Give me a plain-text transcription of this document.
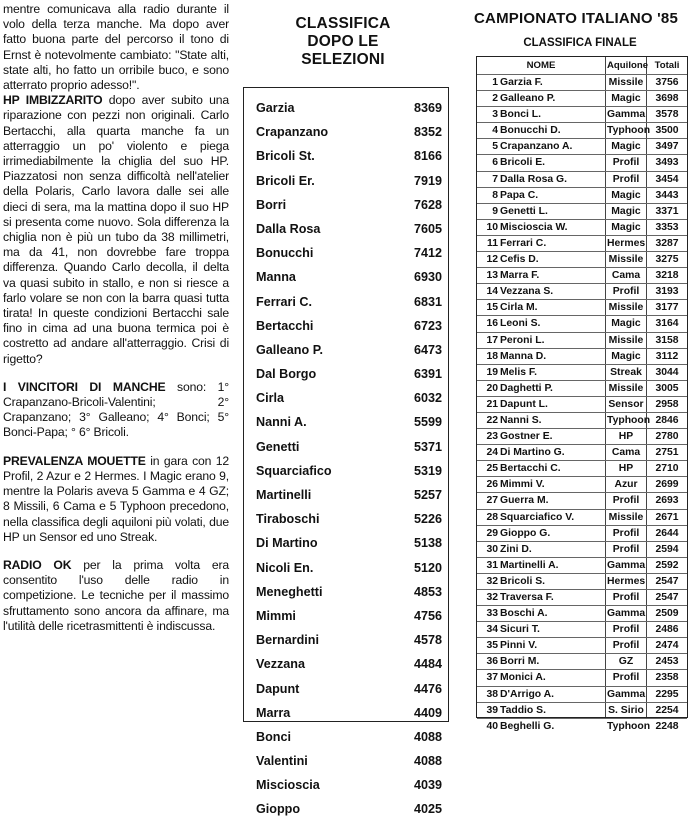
mentre comunicava alla radio durante il volo della terza manche. Ma dopo aver fatto buona parte del percorso il tono di Ernst è notevolmente cambiato: "State alti, state alti, ho fatto un orribile buco, e sono atterrato proprio adesso!".

HP IMBIZZARITO dopo aver subito una riparazione con pezzi non originali. Carlo Bertacchi, alla quarta manche fa un atterraggio un po' violento e piega irrimediabilmente la chiglia del suo HP. Piazzatosi non senza difficoltà nell'atelier della Polaris, Carlo lavora dalle sei alle dieci di sera, ma la mattina dopo il suo HP si presenta come nuovo. Sola differenza la chiglia non è più un tubo da 38 millimetri, ma da 41, non dovrebbe fare troppa differenza. Quando Carlo decolla, il delta va quasi subito in stallo, e non si riesce a farlo volare se non con la barra quasi tutta tirata! In queste condizioni Bertacchi sale fino in cima ad una buona termica poi è costretto ad andare all'atterraggio. Crisi di rigetto?

I VINCITORI DI MANCHE sono: 1° Crapanzano-Bricoli-Valentini; 2° Crapanzano; 3° Galleano; 4° Bonci; 5° Bonci-Papa; ° 6° Bricoli.

PREVALENZA MOUETTE in gara con 12 Profil, 2 Azur e 2 Hermes. I Magic erano 9, mentre la Polaris aveva 5 Gamma e 4 GZ; 8 Missili, 6 Cama e 5 Typhoon precedono, nella classifica degli aquiloni più volati, due HP un Sensor ed uno Streak.

RADIO OK per la prima volta era consentito l'uso delle radio in competizione. Le tecniche per il massimo sfruttamento sono ancora da affinare, ma l'utilità delle ricetrasmittenti è indiscussa.

CLASSIFICA
DOPO LE
SELEZIONI
Garzia	8369
Crapanzano	8352
Bricoli St.	8166
Bricoli Er.	7919
Borri	7628
Dalla Rosa	7605
Bonucchi	7412
Manna	6930
Ferrari C.	6831
Bertacchi	6723
Galleano P.	6473
Dal Borgo	6391
Cirla	6032
Nanni A.	5599
Genetti	5371
Squarciafico	5319
Martinelli	5257
Tiraboschi	5226
Di Martino	5138
Nicoli En.	5120
Meneghetti	4853
Mimmi	4756
Bernardini	4578
Vezzana	4484
Dapunt	4476
Marra	4409
Bonci	4088
Valentini	4088
Miscioscia	4039
Gioppo	4025
CAMPIONATO ITALIANO '85
CLASSIFICA FINALE
NOME	Aquilone Totali
1 Garzia F.	Missile	3756
2 Galleano P.	Magic	3698
3 Bonci L.	Gamma 3578
4 Bonucchi D.	Typhoon 3500
5 Crapanzano A.	Magic	3497
6 Bricoli E.	Profil	3493
7 Dalla Rosa G.	Profil	3454
8 Papa C.	Magic	3443
9 Genetti L.	Magic	3371
10 Miscioscia W.	Magic	3353
11 Ferrari C.	Hermes 3287
12 Cefis D.	Missile	3275
13 Marra F.	Cama	3218
14 Vezzana S.	Profil	3193
15 Cirla M.	Missile	3177
16 Leoni S.	Magic	3164
17 Peroni L.	Missile	3158
18 Manna D.	Magic	3112
19 Melis F.	Streak	3044
20 Daghetti P.	Missile	3005
21 Dapunt L.	Sensor	2958
22 Nanni S.	Typhoon 2846
23 Gostner E.	HP	2780
24 Di Martino G.	Cama	2751
25 Bertacchi C.	HP	2710
26 Mimmi V.	Azur	2699
27 Guerra M.	Profil	2693
28 Squarciafico V.	Missile	2671
29 Gioppo G.	Profil	2644
30 Zini D.	Profil	2594
31 Martinelli A.	Gamma 2592
32 Bricoli S.	Hermes 2547
32 Traversa F.	Profil	2547
33 Boschi A.	Gamma 2509
34 Sicuri T.	Profil	2486
35 Pinni V.	Profil	2474
36 Borri M.	GZ	2453
37 Monici A.	Profil	2358
38 D'Arrigo A.	Gamma 2295
39 Taddio S.	S. Sirio	2254
40 Beghelli G.	Typhoon 2248
